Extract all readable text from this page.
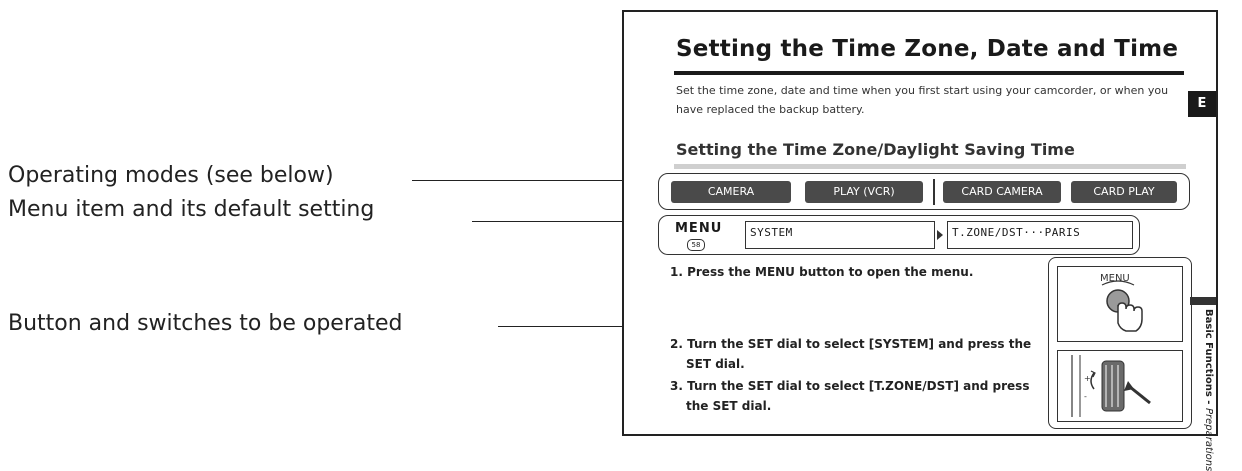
Operating modes (see below)
Menu item and its default setting
Button and switches to be operated
Setting the Time Zone, Date and Time
Set the time zone, date and time when you first start using your camcorder, or when you have replaced the backup battery.	E
Setting the Time Zone/Daylight Saving Time
CAMERA	PLAY (VCR)	CARD CAMERA	CARD PLAY
MENU
58
SYSTEM	T.ZONE/DST···PARIS
1. Press the MENU button to open the menu.
2. Turn the SET dial to select [SYSTEM] and press the
SET dial.
3. Turn the SET dial to select [T.ZONE/DST] and press
the SET dial.
MENU
+
-	Basic Functions - Preparations
